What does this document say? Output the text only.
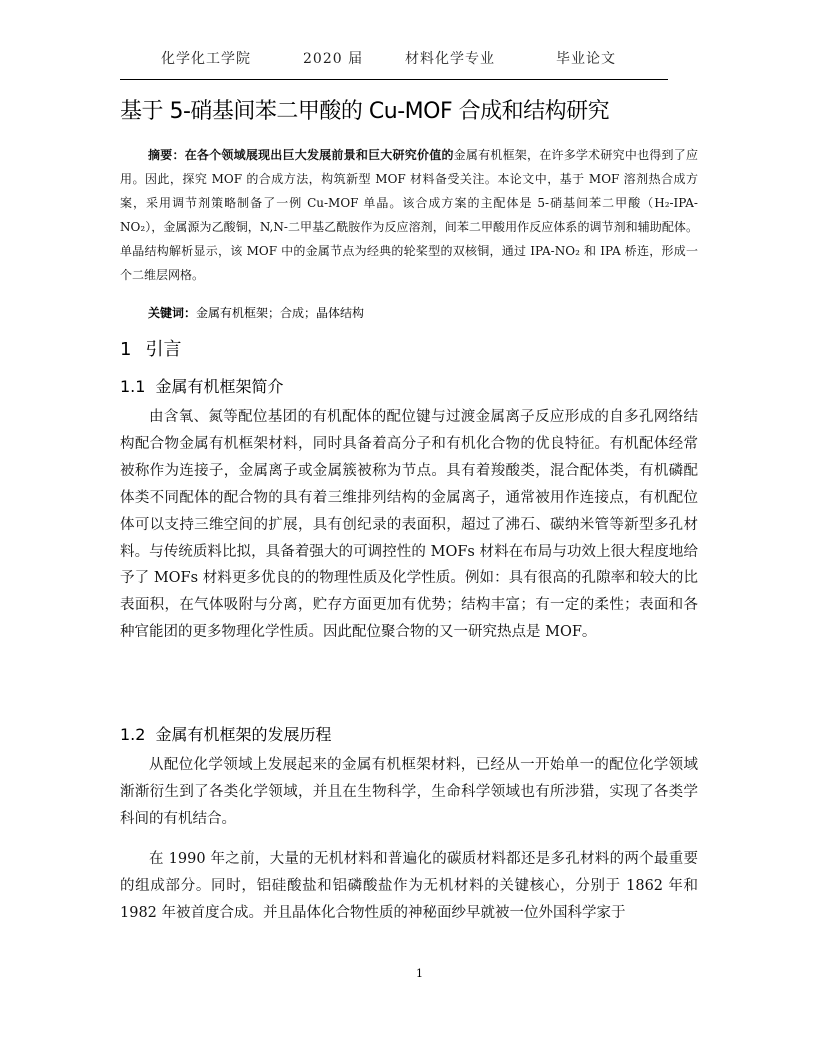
化学化工学院	2020 届	材料化学专业	毕业论文
基于 5-硝基间苯二甲酸的 Cu-MOF 合成和结构研究

摘要：在各个领域展现出巨大发展前景和巨大研究价值的金属有机框架，在许多学术研究中也得到了应用。因此，探究 MOF 的合成方法，构筑新型 MOF 材料备受关注。本论文中，基于 MOF 溶剂热合成方案，采用调节剂策略制备了一例 Cu-MOF 单晶。该合成方案的主配体是 5-硝基间苯二甲酸（H₂-IPA-NO₂），金属源为乙酸铜，N,N-二甲基乙酰胺作为反应溶剂，间苯二甲酸用作反应体系的调节剂和辅助配体。单晶结构解析显示，该 MOF 中的金属节点为经典的轮桨型的双核铜，通过 IPA-NO₂ 和 IPA 桥连，形成一个二维层网格。

关键词：金属有机框架；合成；晶体结构
1 引言
1.1 金属有机框架简介

由含氧、氮等配位基团的有机配体的配位键与过渡金属离子反应形成的自多孔网络结构配合物金属有机框架材料，同时具备着高分子和有机化合物的优良特征。有机配体经常被称作为连接子，金属离子或金属簇被称为节点。具有着羧酸类，混合配体类，有机磷配体类不同配体的配合物的具有着三维排列结构的金属离子，通常被用作连接点，有机配位体可以支持三维空间的扩展，具有创纪录的表面积，超过了沸石、碳纳米管等新型多孔材料。与传统质料比拟，具备着强大的可调控性的 MOFs 材料在布局与功效上很大程度地给予了 MOFs 材料更多优良的的物理性质及化学性质。例如：具有很高的孔隙率和较大的比表面积，在气体吸附与分离，贮存方面更加有优势；结构丰富；有一定的柔性；表面和各种官能团的更多物理化学性质。因此配位聚合物的又一研究热点是 MOF。

1.2 金属有机框架的发展历程

从配位化学领域上发展起来的金属有机框架材料，已经从一开始单一的配位化学领域渐渐衍生到了各类化学领域，并且在生物科学，生命科学领域也有所涉猎，实现了各类学科间的有机结合。

在 1990 年之前，大量的无机材料和普遍化的碳质材料都还是多孔材料的两个最重要的组成部分。同时，铝硅酸盐和铝磷酸盐作为无机材料的关键核心，分别于 1862 年和 1982 年被首度合成。并且晶体化合物性质的神秘面纱早就被一位外国科学家于

1
